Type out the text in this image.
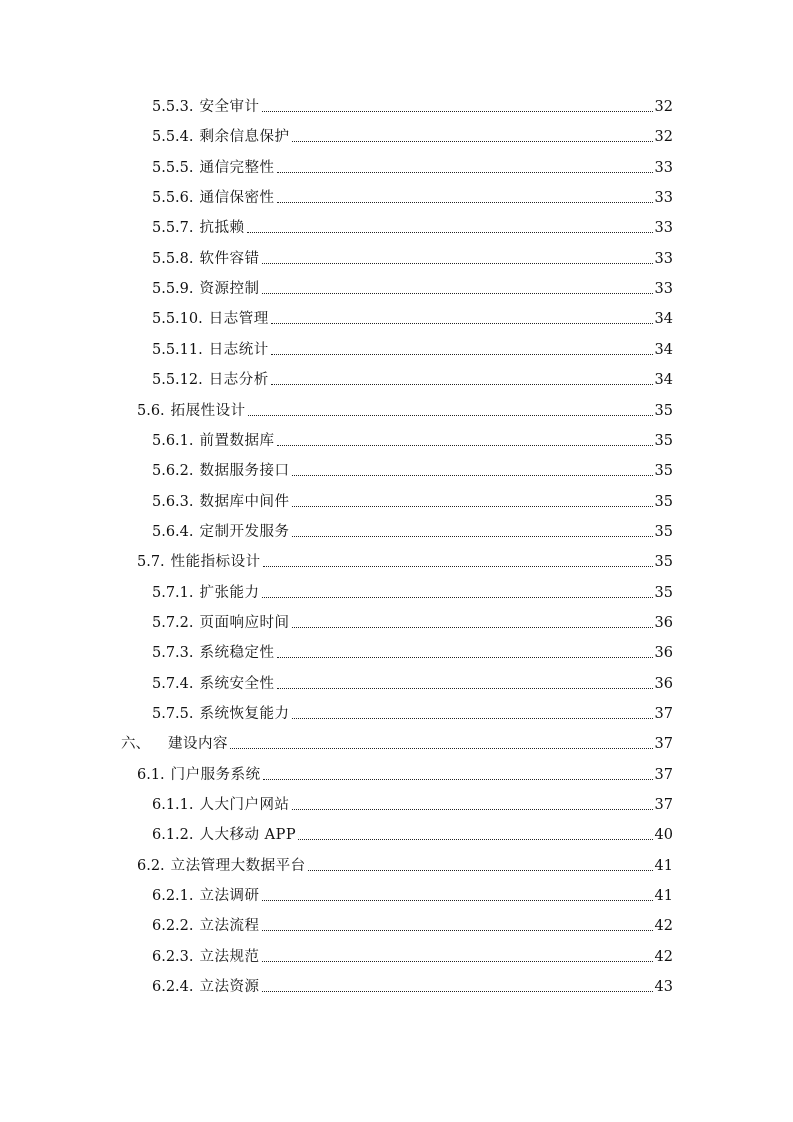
5.5.3. 安全审计	32
5.5.4. 剩余信息保护	32
5.5.5. 通信完整性	33
5.5.6. 通信保密性	33
5.5.7. 抗抵赖	33
5.5.8. 软件容错	33
5.5.9. 资源控制	33
5.5.10. 日志管理	34
5.5.11. 日志统计	34
5.5.12. 日志分析	34
5.6. 拓展性设计	35
5.6.1. 前置数据库	35
5.6.2. 数据服务接口	35
5.6.3. 数据库中间件	35
5.6.4. 定制开发服务	35
5.7. 性能指标设计	35
5.7.1. 扩张能力	35
5.7.2. 页面响应时间	36
5.7.3. 系统稳定性	36
5.7.4. 系统安全性	36
5.7.5. 系统恢复能力	37
六、 建设内容	37
6.1. 门户服务系统	37
6.1.1. 人大门户网站	37
6.1.2. 人大移动 APP	40
6.2. 立法管理大数据平台	41
6.2.1. 立法调研	41
6.2.2. 立法流程	42
6.2.3. 立法规范	42
6.2.4. 立法资源	43
